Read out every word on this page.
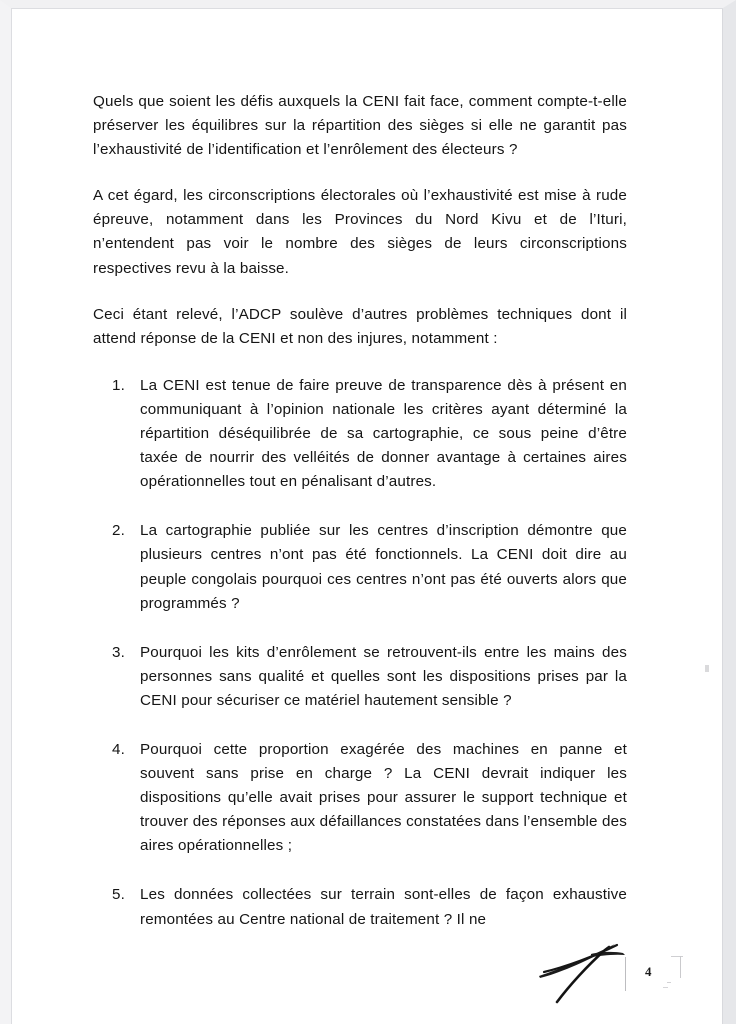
Quels que soient les défis auxquels la CENI fait face, comment compte-t-elle préserver les équilibres sur la répartition des sièges si elle ne garantit pas l’exhaustivité de l’identification et l’enrôlement des électeurs ?

A cet égard, les circonscriptions électorales où l’exhaustivité est mise à rude épreuve, notamment dans les Provinces du Nord Kivu et de l’Ituri, n’entendent pas voir le nombre des sièges de leurs circonscriptions respectives revu à la baisse.

Ceci étant relevé, l’ADCP soulève d’autres problèmes techniques dont il attend réponse de la CENI et non des injures, notamment :

1. La CENI est tenue de faire preuve de transparence dès à présent en communiquant à l’opinion nationale les critères ayant déterminé la répartition déséquilibrée de sa cartographie, ce sous peine d’être taxée de nourrir des velléités de donner avantage à certaines aires opérationnelles tout en pénalisant d’autres.
2. La cartographie publiée sur les centres d’inscription démontre que plusieurs centres n’ont pas été fonctionnels. La CENI doit dire au peuple congolais pourquoi ces centres n’ont pas été ouverts alors que programmés ?
3. Pourquoi les kits d’enrôlement se retrouvent-ils entre les mains des personnes sans qualité et quelles sont les dispositions prises par la CENI pour sécuriser ce matériel hautement sensible ?
4. Pourquoi cette proportion exagérée des machines en panne et souvent sans prise en charge ? La CENI devrait indiquer les dispositions qu’elle avait prises pour assurer le support technique et trouver des réponses aux défaillances constatées dans l’ensemble des aires opérationnelles ;
5. Les données collectées sur terrain sont-elles de façon exhaustive remontées au Centre national de traitement ? Il ne
4
